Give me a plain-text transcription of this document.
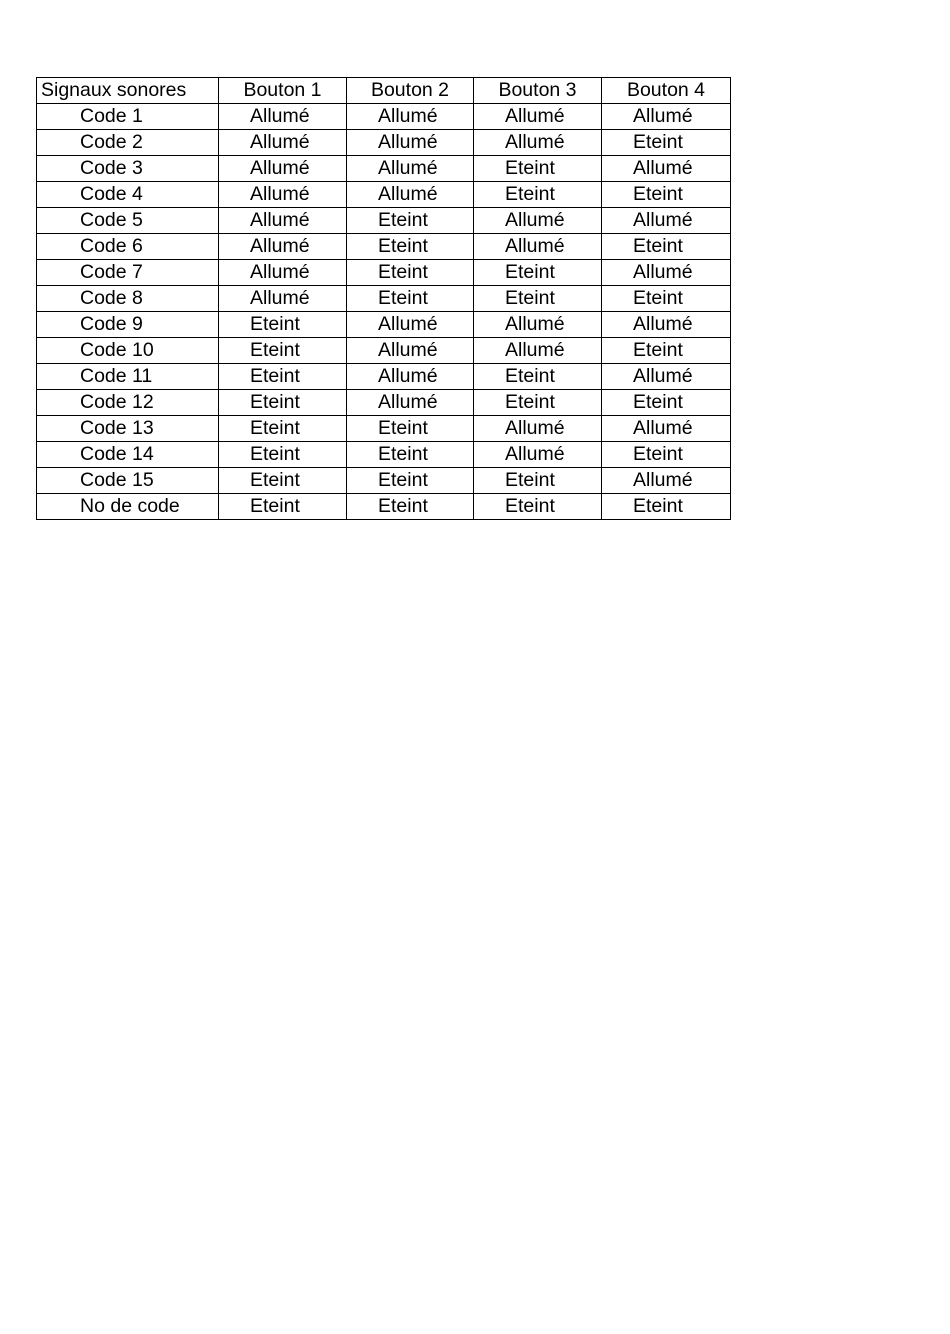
Signaux sonores	Bouton 1	Bouton 2	Bouton 3	Bouton 4
Code 1	Allumé	Allumé	Allumé	Allumé
Code 2	Allumé	Allumé	Allumé	Eteint
Code 3	Allumé	Allumé	Eteint	Allumé
Code 4	Allumé	Allumé	Eteint	Eteint
Code 5	Allumé	Eteint	Allumé	Allumé
Code 6	Allumé	Eteint	Allumé	Eteint
Code 7	Allumé	Eteint	Eteint	Allumé
Code 8	Allumé	Eteint	Eteint	Eteint
Code 9	Eteint	Allumé	Allumé	Allumé
Code 10	Eteint	Allumé	Allumé	Eteint
Code 11	Eteint	Allumé	Eteint	Allumé
Code 12	Eteint	Allumé	Eteint	Eteint
Code 13	Eteint	Eteint	Allumé	Allumé
Code 14	Eteint	Eteint	Allumé	Eteint
Code 15	Eteint	Eteint	Eteint	Allumé
No de code	Eteint	Eteint	Eteint	Eteint
